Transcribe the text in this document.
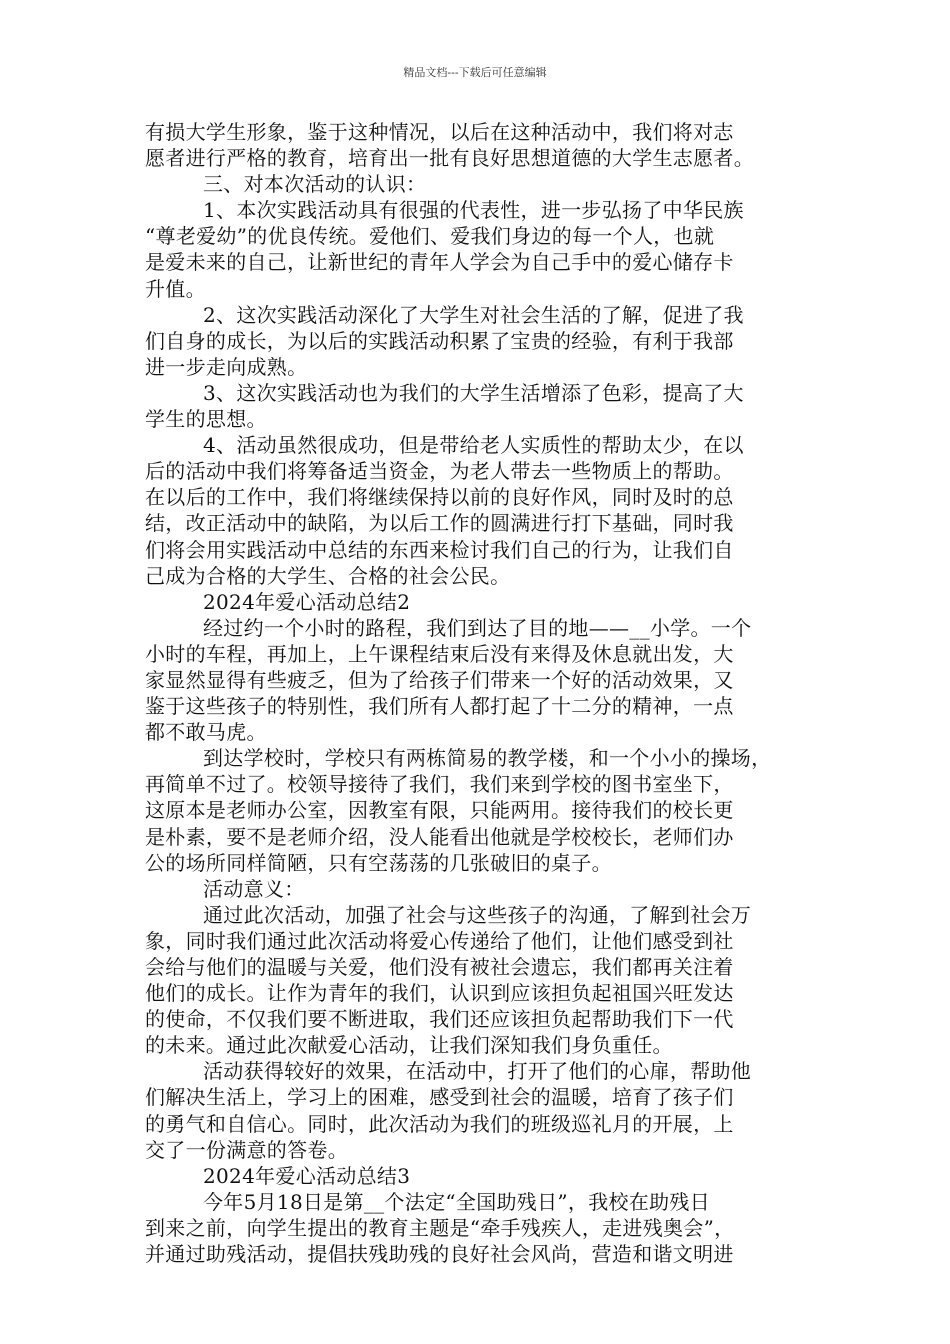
精品文档---下载后可任意编辑

有损大学生形象，鉴于这种情况，以后在这种活动中，我们将对志

愿者进行严格的教育，培育出一批有良好思想道德的大学生志愿者。

三、对本次活动的认识：

1、本次实践活动具有很强的代表性，进一步弘扬了中华民族

“尊老爱幼”的优良传统。爱他们、爱我们身边的每一个人，也就

是爱未来的自己，让新世纪的青年人学会为自己手中的爱心储存卡

升值。

2、这次实践活动深化了大学生对社会生活的了解，促进了我

们自身的成长，为以后的实践活动积累了宝贵的经验，有利于我部

进一步走向成熟。

3、这次实践活动也为我们的大学生活增添了色彩，提高了大

学生的思想。

4、活动虽然很成功，但是带给老人实质性的帮助太少，在以

后的活动中我们将筹备适当资金，为老人带去一些物质上的帮助。

在以后的工作中，我们将继续保持以前的良好作风，同时及时的总

结，改正活动中的缺陷，为以后工作的圆满进行打下基础，同时我

们将会用实践活动中总结的东西来检讨我们自己的行为，让我们自

己成为合格的大学生、合格的社会公民。

2024年爱心活动总结2

经过约一个小时的路程，我们到达了目的地——__小学。一个

小时的车程，再加上，上午课程结束后没有来得及休息就出发，大

家显然显得有些疲乏，但为了给孩子们带来一个好的活动效果，又

鉴于这些孩子的特别性，我们所有人都打起了十二分的精神，一点

都不敢马虎。

到达学校时，学校只有两栋简易的教学楼，和一个小小的操场，

再简单不过了。校领导接待了我们，我们来到学校的图书室坐下，

这原本是老师办公室，因教室有限，只能两用。接待我们的校长更

是朴素，要不是老师介绍，没人能看出他就是学校校长，老师们办

公的场所同样简陋，只有空荡荡的几张破旧的桌子。

活动意义：

通过此次活动，加强了社会与这些孩子的沟通，了解到社会万

象，同时我们通过此次活动将爱心传递给了他们，让他们感受到社

会给与他们的温暖与关爱，他们没有被社会遗忘，我们都再关注着

他们的成长。让作为青年的我们，认识到应该担负起祖国兴旺发达

的使命，不仅我们要不断进取，我们还应该担负起帮助我们下一代

的未来。通过此次献爱心活动，让我们深知我们身负重任。

活动获得较好的效果，在活动中，打开了他们的心扉，帮助他

们解决生活上，学习上的困难，感受到社会的温暖，培育了孩子们

的勇气和自信心。同时，此次活动为我们的班级巡礼月的开展，上

交了一份满意的答卷。

2024年爱心活动总结3

今年5月18日是第__个法定“全国助残日”，我校在助残日

到来之前，向学生提出的教育主题是“牵手残疾人，走进残奥会”，

并通过助残活动，提倡扶残助残的良好社会风尚，营造和谐文明进
